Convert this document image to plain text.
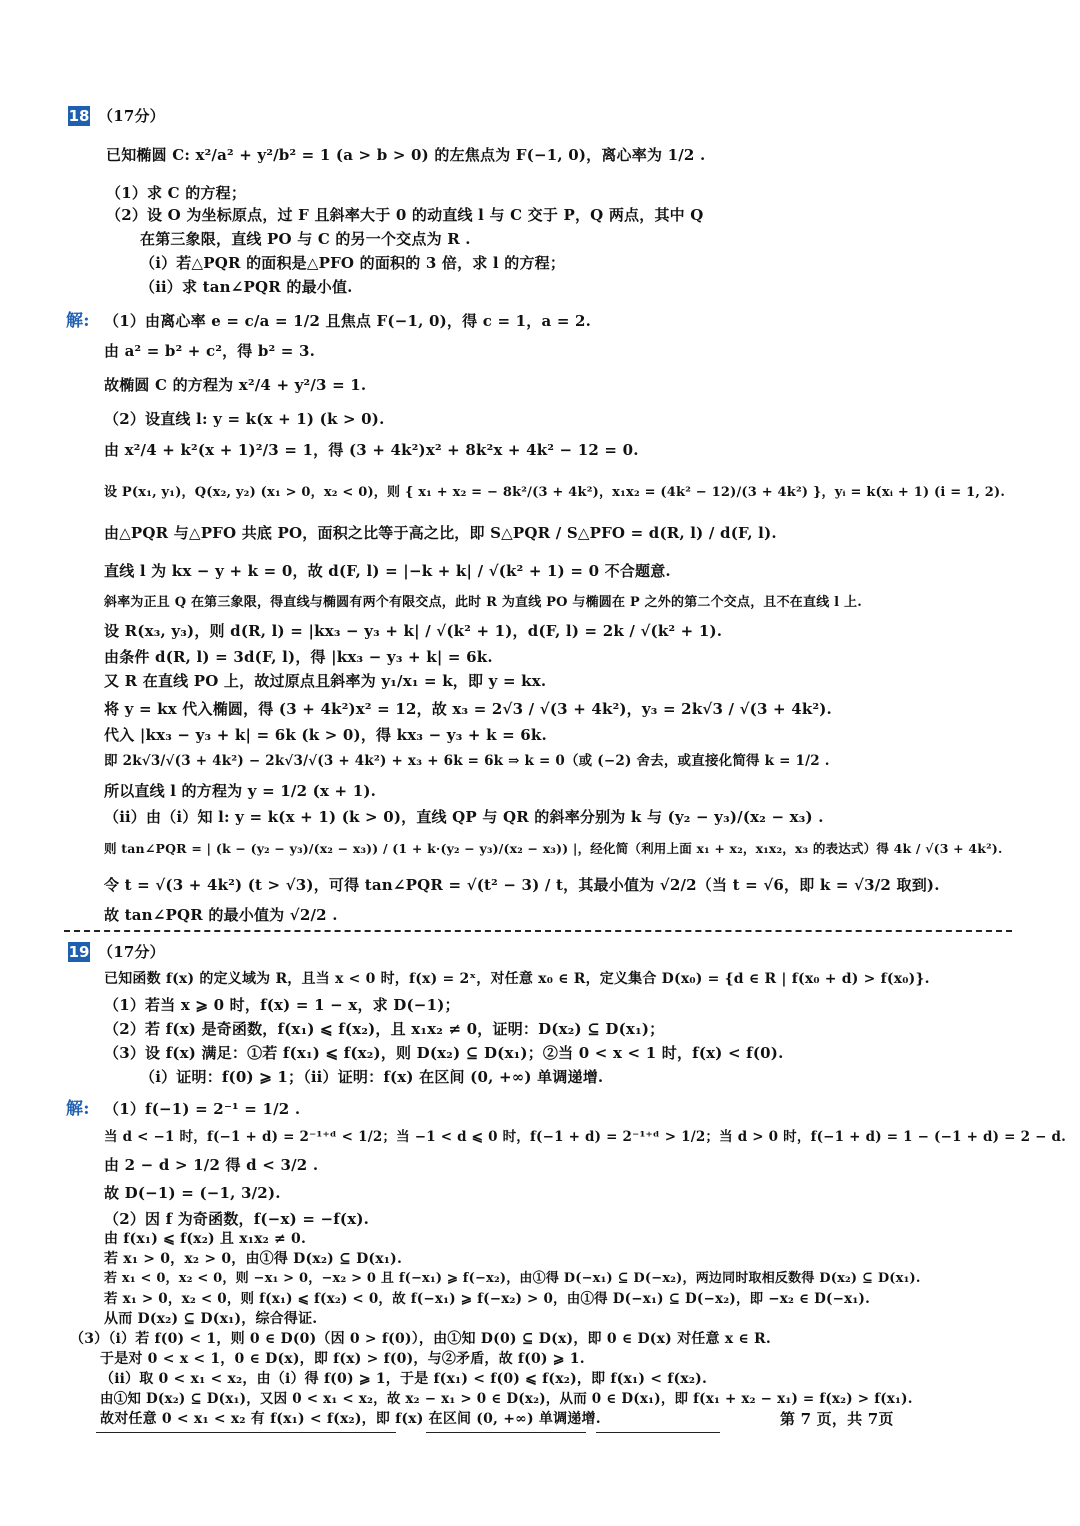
18 （17分）
已知椭圆 C: x²/a² + y²/b² = 1 (a > b > 0) 的左焦点为 F(−1, 0)，离心率为 1/2 .
（1）求 C 的方程；
（2）设 O 为坐标原点，过 F 且斜率大于 0 的动直线 l 与 C 交于 P，Q 两点，其中 Q
在第三象限，直线 PO 与 C 的另一个交点为 R .
（ⅰ）若△PQR 的面积是△PFO 的面积的 3 倍，求 l 的方程；
（ⅱ）求 tan∠PQR 的最小值.
解: （1）由离心率 e = c/a = 1/2 且焦点 F(−1, 0)，得 c = 1，a = 2.
由 a² = b² + c²，得 b² = 3.
故椭圆 C 的方程为 x²/4 + y²/3 = 1.
（2）设直线 l: y = k(x + 1) (k > 0).
由 x²/4 + k²(x + 1)²/3 = 1，得 (3 + 4k²)x² + 8k²x + 4k² − 12 = 0.
设 P(x₁, y₁)，Q(x₂, y₂) (x₁ > 0，x₂ < 0)，则 { x₁ + x₂ = − 8k²/(3 + 4k²)，x₁x₂ = (4k² − 12)/(3 + 4k²) }，yᵢ = k(xᵢ + 1) (i = 1, 2).
由△PQR 与△PFO 共底 PO，面积之比等于高之比，即 S△PQR / S△PFO = d(R, l) / d(F, l).
直线 l 为 kx − y + k = 0，故 d(F, l) = |−k + k| / √(k² + 1) = 0 不合题意.
斜率为正且 Q 在第三象限，得直线与椭圆有两个有限交点，此时 R 为直线 PO 与椭圆在 P 之外的第二个交点，且不在直线 l 上.
设 R(x₃, y₃)，则 d(R, l) = |kx₃ − y₃ + k| / √(k² + 1)，d(F, l) = 2k / √(k² + 1).
由条件 d(R, l) = 3d(F, l)，得 |kx₃ − y₃ + k| = 6k.
又 R 在直线 PO 上，故过原点且斜率为 y₁/x₁ = k，即 y = kx.
将 y = kx 代入椭圆，得 (3 + 4k²)x² = 12，故 x₃ = 2√3 / √(3 + 4k²)，y₃ = 2k√3 / √(3 + 4k²).
代入 |kx₃ − y₃ + k| = 6k (k > 0)，得 kx₃ − y₃ + k = 6k.
即 2k√3/√(3 + 4k²) − 2k√3/√(3 + 4k²) + x₃ + 6k = 6k ⇒ k = 0（或 (−2) 舍去，或直接化简得 k = 1/2 .
所以直线 l 的方程为 y = 1/2 (x + 1).
（ⅱ）由（ⅰ）知 l: y = k(x + 1) (k > 0)，直线 QP 与 QR 的斜率分别为 k 与 (y₂ − y₃)/(x₂ − x₃) .
则 tan∠PQR = | (k − (y₂ − y₃)/(x₂ − x₃)) / (1 + k·(y₂ − y₃)/(x₂ − x₃)) |，经化简（利用上面 x₁ + x₂，x₁x₂，x₃ 的表达式）得 4k / √(3 + 4k²).
令 t = √(3 + 4k²) (t > √3)，可得 tan∠PQR = √(t² − 3) / t，其最小值为 √2/2（当 t = √6，即 k = √3/2 取到).
故 tan∠PQR 的最小值为 √2/2 .
19 （17分）
已知函数 f(x) 的定义域为 R，且当 x < 0 时，f(x) = 2ˣ，对任意 x₀ ∈ R，定义集合 D(x₀) = {d ∈ R | f(x₀ + d) > f(x₀)}.
（1）若当 x ⩾ 0 时，f(x) = 1 − x，求 D(−1)；
（2）若 f(x) 是奇函数，f(x₁) ⩽ f(x₂)，且 x₁x₂ ≠ 0，证明：D(x₂) ⊆ D(x₁)；
（3）设 f(x) 满足：①若 f(x₁) ⩽ f(x₂)，则 D(x₂) ⊆ D(x₁)；②当 0 < x < 1 时，f(x) < f(0).
（ⅰ）证明：f(0) ⩾ 1；（ⅱ）证明：f(x) 在区间 (0, +∞) 单调递增.
解: （1）f(−1) = 2⁻¹ = 1/2 .
当 d < −1 时，f(−1 + d) = 2⁻¹⁺ᵈ < 1/2；当 −1 < d ⩽ 0 时，f(−1 + d) = 2⁻¹⁺ᵈ > 1/2；当 d > 0 时，f(−1 + d) = 1 − (−1 + d) = 2 − d.
由 2 − d > 1/2 得 d < 3/2 .
故 D(−1) = (−1, 3/2).
（2）因 f 为奇函数，f(−x) = −f(x).
由 f(x₁) ⩽ f(x₂) 且 x₁x₂ ≠ 0.
若 x₁ > 0，x₂ > 0，由①得 D(x₂) ⊆ D(x₁).
若 x₁ < 0，x₂ < 0，则 −x₁ > 0，−x₂ > 0 且 f(−x₁) ⩾ f(−x₂)，由①得 D(−x₁) ⊆ D(−x₂)，两边同时取相反数得 D(x₂) ⊆ D(x₁).
若 x₁ > 0，x₂ < 0，则 f(x₁) ⩽ f(x₂) < 0，故 f(−x₁) ⩾ f(−x₂) > 0，由①得 D(−x₁) ⊆ D(−x₂)，即 −x₂ ∈ D(−x₁).
从而 D(x₂) ⊆ D(x₁)，综合得证.
（3）（ⅰ）若 f(0) < 1，则 0 ∈ D(0)（因 0 > f(0)），由①知 D(0) ⊆ D(x)，即 0 ∈ D(x) 对任意 x ∈ R.
于是对 0 < x < 1，0 ∈ D(x)，即 f(x) > f(0)，与②矛盾，故 f(0) ⩾ 1.
（ⅱ）取 0 < x₁ < x₂，由（ⅰ）得 f(0) ⩾ 1，于是 f(x₁) < f(0) ⩽ f(x₂)，即 f(x₁) < f(x₂).
由①知 D(x₂) ⊆ D(x₁)，又因 0 < x₁ < x₂，故 x₂ − x₁ > 0 ∈ D(x₂)，从而 0 ∈ D(x₁)，即 f(x₁ + x₂ − x₁) = f(x₂) > f(x₁).
故对任意 0 < x₁ < x₂ 有 f(x₁) < f(x₂)，即 f(x) 在区间 (0, +∞) 单调递增.	第 7 页，共 7页
